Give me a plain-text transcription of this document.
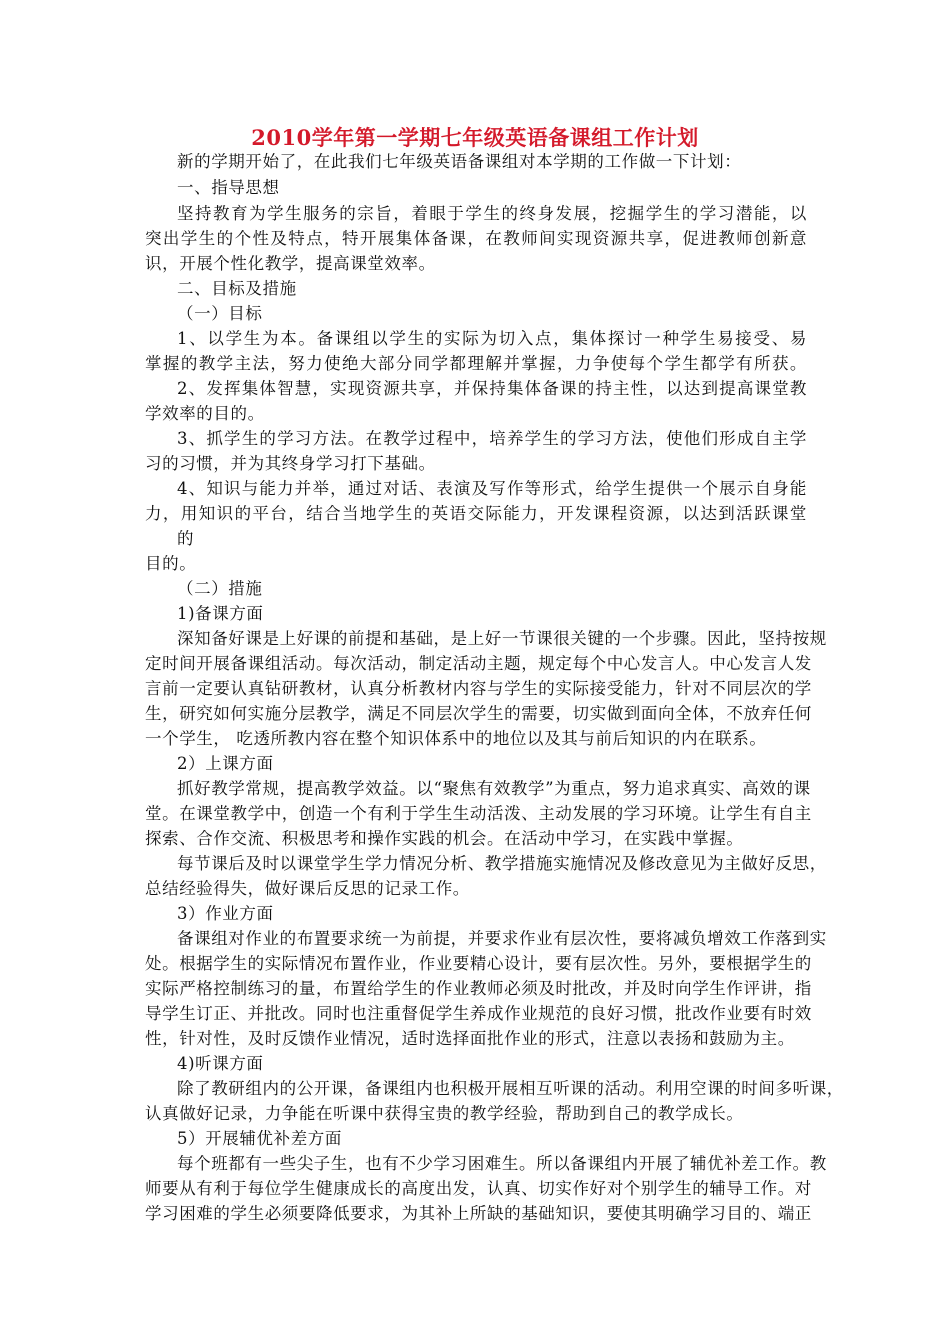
2010学年第一学期七年级英语备课组工作计划
新的学期开始了，在此我们七年级英语备课组对本学期的工作做一下计划：
一、指导思想
坚持教育为学生服务的宗旨，着眼于学生的终身发展，挖掘学生的学习潜能，以
突出学生的个性及特点，特开展集体备课，在教师间实现资源共享，促进教师创新意
识，开展个性化教学，提高课堂效率。
二、目标及措施
（一）目标
1、以学生为本。备课组以学生的实际为切入点，集体探讨一种学生易接受、易
掌握的教学主法，努力使绝大部分同学都理解并掌握，力争使每个学生都学有所获。
2、发挥集体智慧，实现资源共享，并保持集体备课的持主性，以达到提高课堂教
学效率的目的。
3、抓学生的学习方法。在教学过程中，培养学生的学习方法，使他们形成自主学
习的习惯，并为其终身学习打下基础。
4、知识与能力并举，通过对话、表演及写作等形式，给学生提供一个展示自身能
力，用知识的平台，结合当地学生的英语交际能力，开发课程资源，以达到活跃课堂
的
目的。
（二）措施
1)备课方面
深知备好课是上好课的前提和基础，是上好一节课很关键的一个步骤。因此，坚持按规
定时间开展备课组活动。每次活动，制定活动主题，规定每个中心发言人。中心发言人发
言前一定要认真钻研教材，认真分析教材内容与学生的实际接受能力，针对不同层次的学
生，研究如何实施分层教学，满足不同层次学生的需要，切实做到面向全体，不放弃任何
一个学生， 吃透所教内容在整个知识体系中的地位以及其与前后知识的内在联系。
2）上课方面
抓好教学常规，提高教学效益。以“聚焦有效教学”为重点，努力追求真实、高效的课
堂。在课堂教学中，创造一个有利于学生生动活泼、主动发展的学习环境。让学生有自主
探索、合作交流、积极思考和操作实践的机会。在活动中学习，在实践中掌握。
每节课后及时以课堂学生学力情况分析、教学措施实施情况及修改意见为主做好反思，
总结经验得失，做好课后反思的记录工作。
3）作业方面
备课组对作业的布置要求统一为前提，并要求作业有层次性，要将减负增效工作落到实
处。根据学生的实际情况布置作业，作业要精心设计，要有层次性。另外，要根据学生的
实际严格控制练习的量，布置给学生的作业教师必须及时批改，并及时向学生作评讲，指
导学生订正、并批改。同时也注重督促学生养成作业规范的良好习惯，批改作业要有时效
性，针对性，及时反馈作业情况，适时选择面批作业的形式，注意以表扬和鼓励为主。
4)听课方面
除了教研组内的公开课，备课组内也积极开展相互听课的活动。利用空课的时间多听课，
认真做好记录，力争能在听课中获得宝贵的教学经验，帮助到自己的教学成长。
5）开展辅优补差方面
每个班都有一些尖子生，也有不少学习困难生。所以备课组内开展了辅优补差工作。教
师要从有利于每位学生健康成长的高度出发，认真、切实作好对个别学生的辅导工作。对
学习困难的学生必须要降低要求，为其补上所缺的基础知识，要使其明确学习目的、端正
